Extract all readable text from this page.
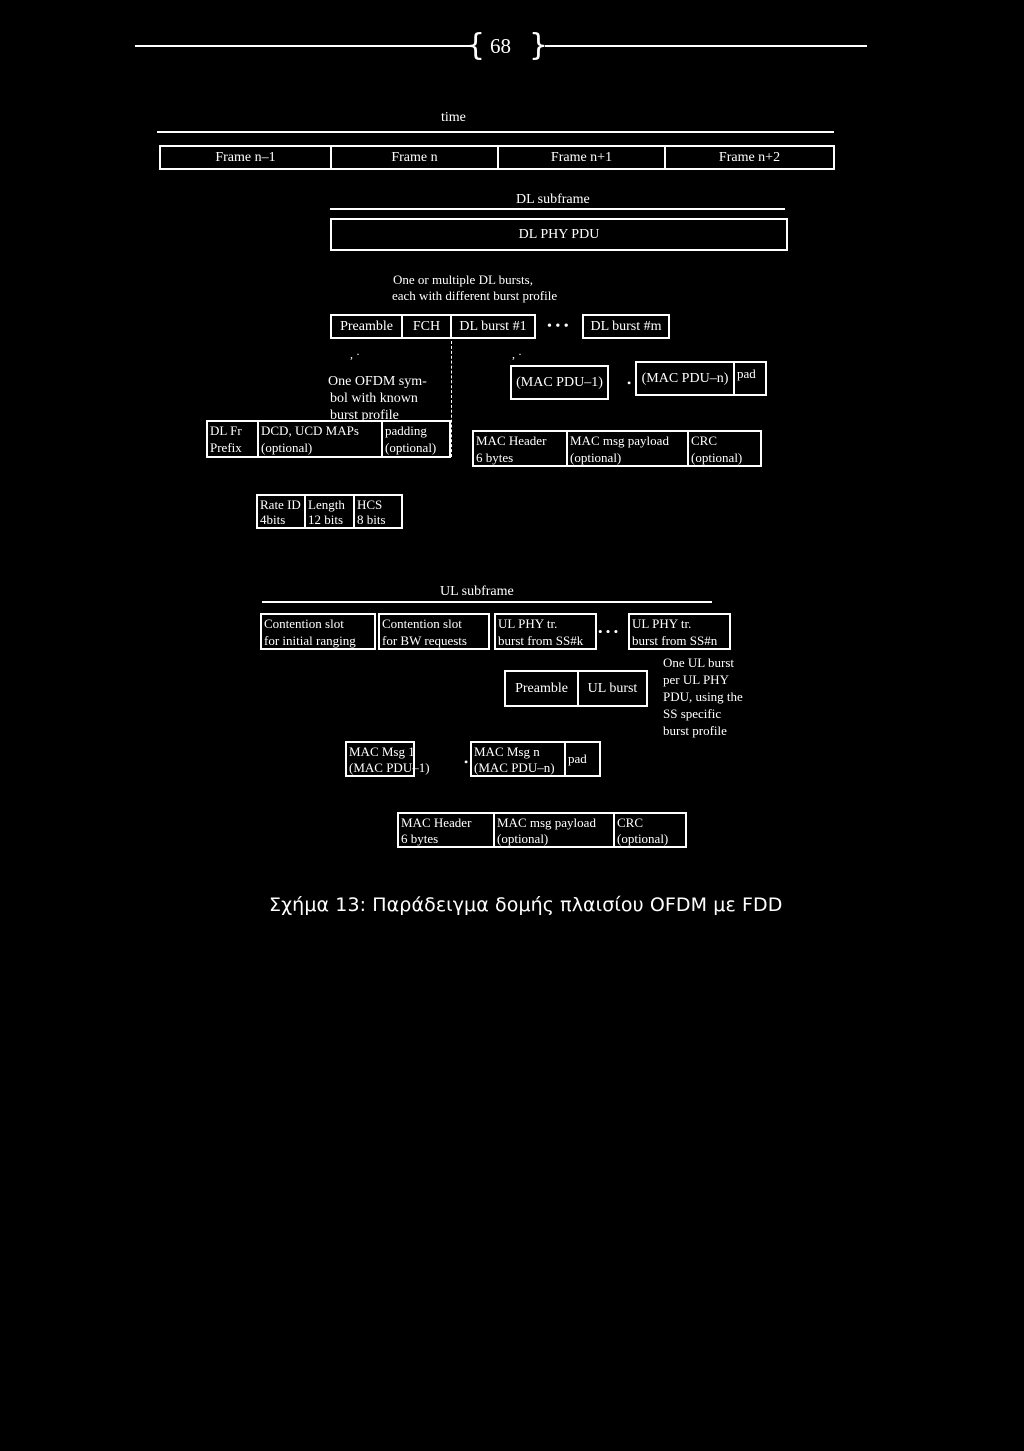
{ 68 }
time
Frame n–1	Frame n	Frame n+1	Frame n+2
DL subframe
DL PHY PDU
One or multiple DL bursts,
each with different burst profile
Preamble	FCH	DL burst #1	• • •	DL burst #m
, ·	, ·
One OFDM sym-
bol with known
burst profile
DL Fr
Prefix
DCD, UCD MAPs
(optional)
padding
(optional)
(MAC PDU–1)	• (MAC PDU–n) pad
MAC Header
6 bytes
MAC msg payload
(optional)
CRC
(optional)
Rate ID
4bits
Length
12 bits
HCS
8 bits
UL subframe
Contention slot
for initial ranging
Contention slot
for BW requests
UL PHY tr.
burst from SS#k
• • •
UL PHY tr.
burst from SS#n
One UL burst
per UL PHY
PDU, using the
SS specific
burst profile
Preamble	UL burst
MAC Msg 1
(MAC PDU–1)	•
MAC Msg n
(MAC PDU–n)
pad
MAC Header
6 bytes
MAC msg payload
(optional)
CRC
(optional)
Σχήμα 13: Παράδειγμα δομής πλαισίου OFDM με FDD
